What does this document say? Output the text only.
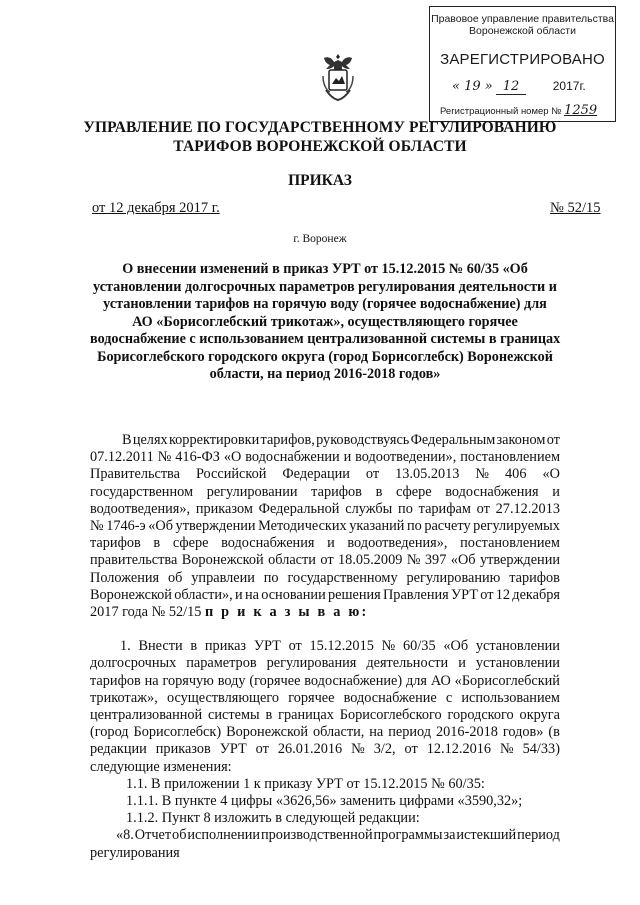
Правовое управление правительства
Воронежской области
ЗАРЕГИСТРИРОВАНО
« 19 » 12	2017г.
Регистрационный номер № 1259
УПРАВЛЕНИЕ ПО ГОСУДАРСТВЕННОМУ РЕГУЛИРОВАНИЮ
ТАРИФОВ ВОРОНЕЖСКОЙ ОБЛАСТИ
ПРИКАЗ
от 12 декабря 2017 г.	№ 52/15
г. Воронеж
О внесении изменений в приказ УРТ от 15.12.2015 № 60/35 «Об
установлении долгосрочных параметров регулирования деятельности и
установлении тарифов на горячую воду (горячее водоснабжение) для
АО «Борисоглебский трикотаж», осуществляющего горячее
водоснабжение с использованием централизованной системы в границах
Борисоглебского городского округа (город Борисоглебск) Воронежской
области, на период 2016-2018 годов»
В целях корректировки тарифов, руководствуясь Федеральным законом от
07.12.2011 № 416-ФЗ «О водоснабжении и водоотведении», постановлением
Правительства Российской Федерации от 13.05.2013 № 406 «О
государственном регулировании тарифов в сфере водоснабжения и
водоотведения», приказом Федеральной службы по тарифам от 27.12.2013
№ 1746-э «Об утверждении Методических указаний по расчету регулируемых
тарифов в сфере водоснабжения и водоотведения», постановлением
правительства Воронежской области от 18.05.2009 № 397 «Об утверждении
Положения об управлеии по государственному регулированию тарифов
Воронежской области», и на основании решения Правления УРТ от 12 декабря
2017 года № 52/15 п р и к а з ы в а ю:
1. Внести в приказ УРТ от 15.12.2015 № 60/35 «Об установлении
долгосрочных параметров регулирования деятельности и установлении
тарифов на горячую воду (горячее водоснабжение) для АО «Борисоглебский
трикотаж», осуществляющего горячее водоснабжение с использованием
централизованной системы в границах Борисоглебского городского округа
(город Борисоглебск) Воронежской области, на период 2016-2018 годов» (в
редакции приказов УРТ от 26.01.2016 № 3/2, от 12.12.2016 № 54/33)
следующие изменения:
1.1. В приложении 1 к приказу УРТ от 15.12.2015 № 60/35:
1.1.1. В пункте 4 цифры «3626,56» заменить цифрами «3590,32»;
1.1.2. Пункт 8 изложить в следующей редакции:
«8. Отчет об исполнении производственной программы за истекший период
регулирования
